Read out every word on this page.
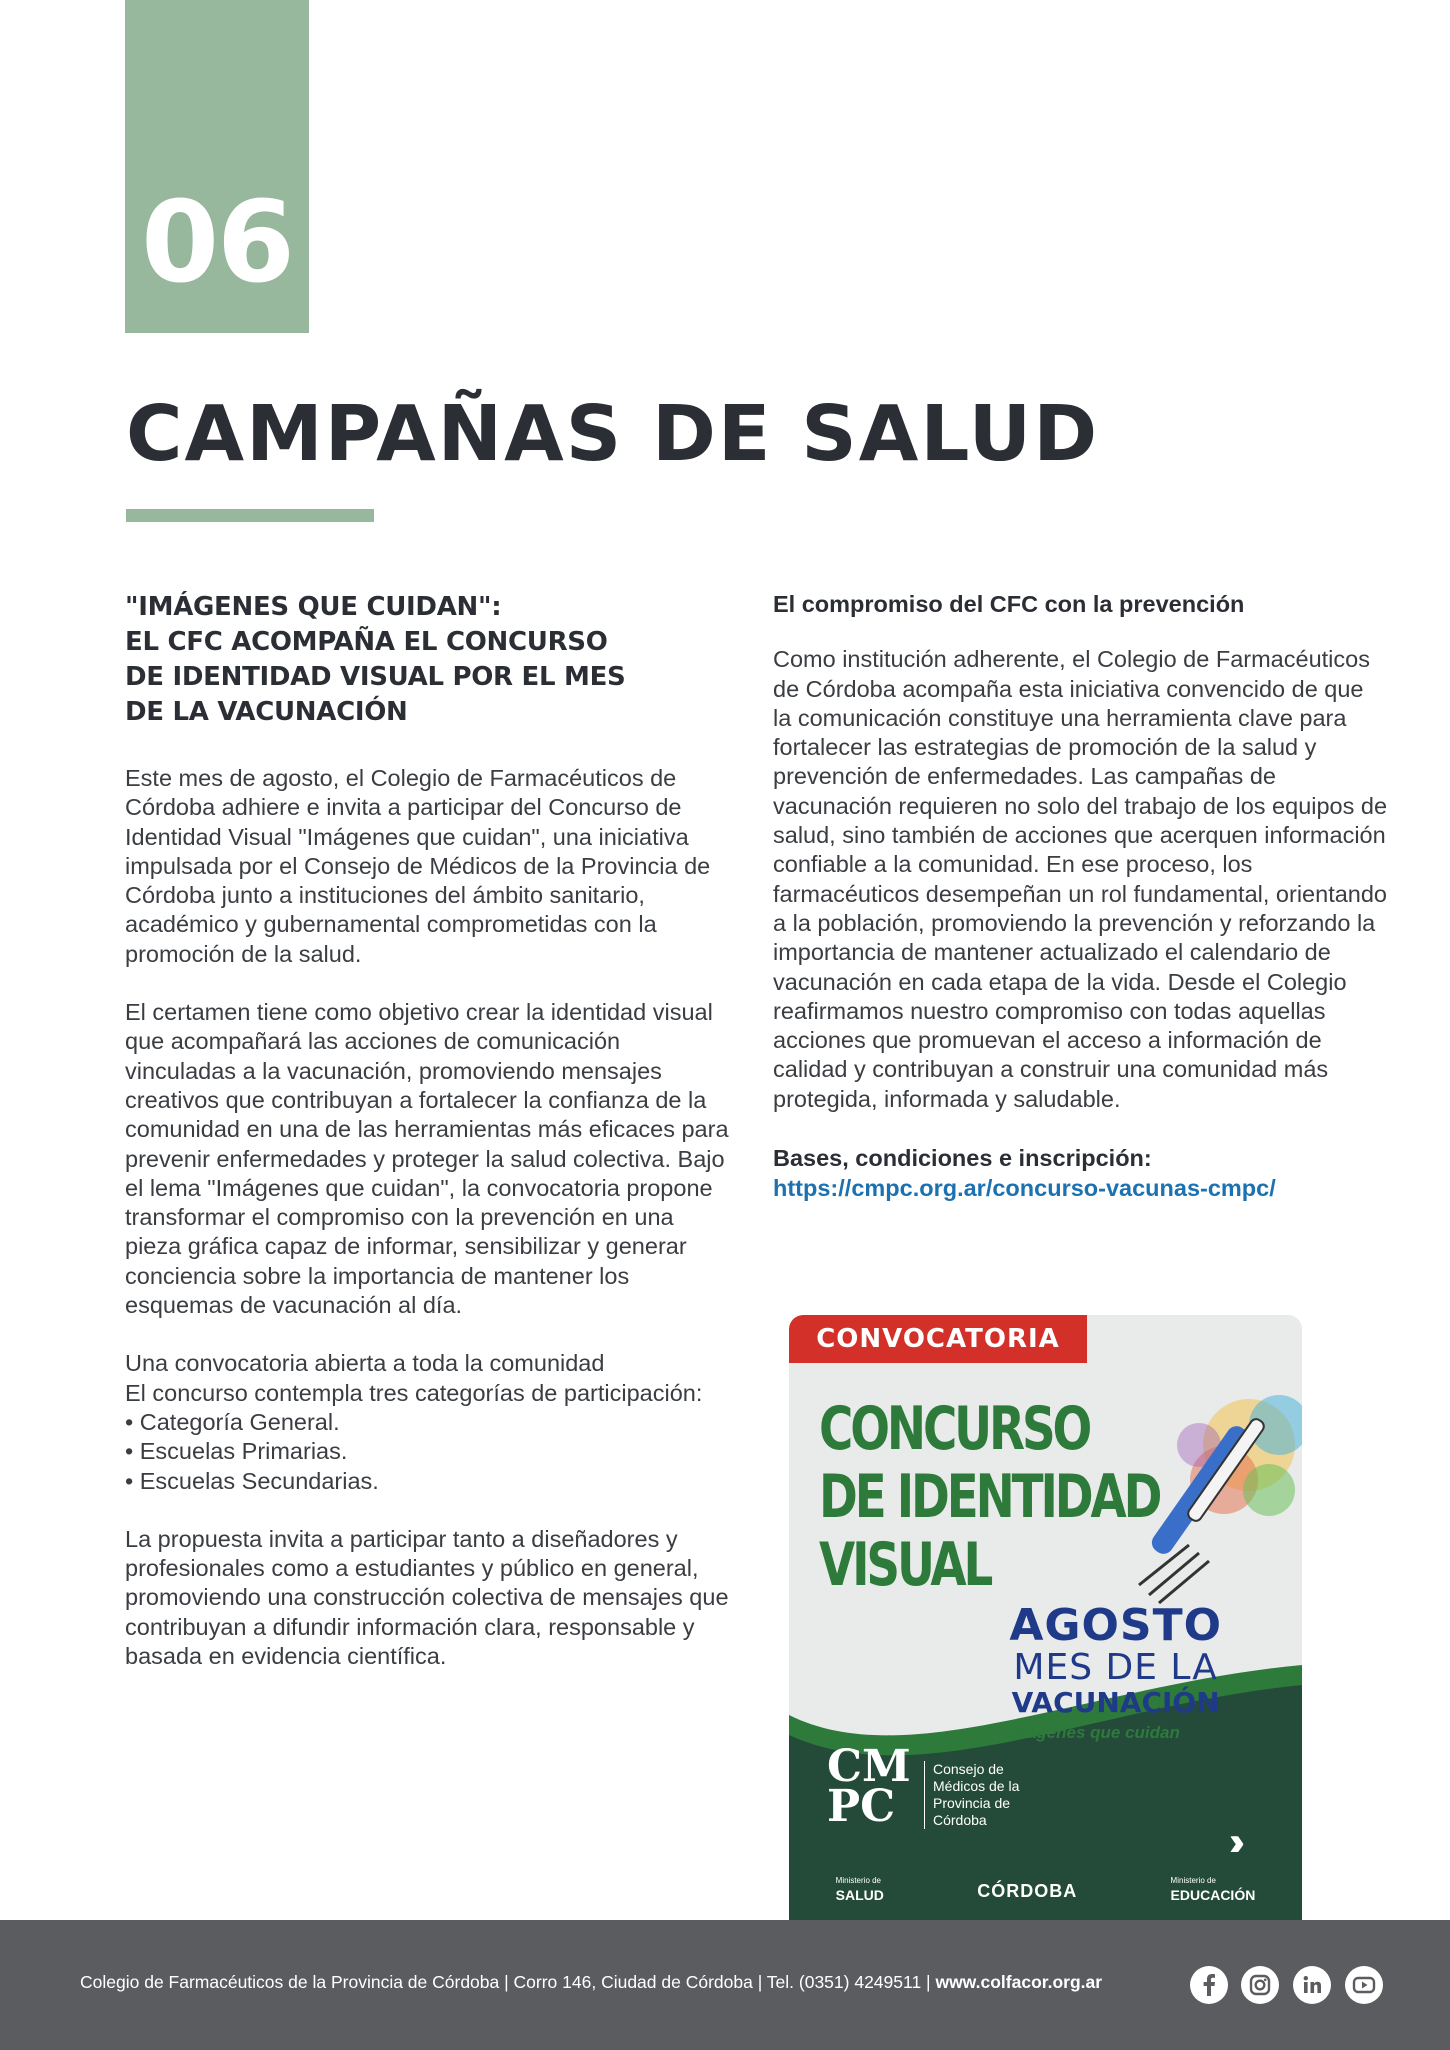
06
CAMPAÑAS DE SALUD
"IMÁGENES QUE CUIDAN":
EL CFC ACOMPAÑA EL CONCURSO
DE IDENTIDAD VISUAL POR EL MES
DE LA VACUNACIÓN

Este mes de agosto, el Colegio de Farmacéuticos de Córdoba adhiere e invita a participar del Concurso de Identidad Visual "Imágenes que cuidan", una iniciativa impulsada por el Consejo de Médicos de la Provincia de Córdoba junto a instituciones del ámbito sanitario, académico y gubernamental comprometidas con la promoción de la salud.

El certamen tiene como objetivo crear la identidad visual que acompañará las acciones de comunicación vinculadas a la vacunación, promoviendo mensajes creativos que contribuyan a fortalecer la confianza de la comunidad en una de las herramientas más eficaces para prevenir enfermedades y proteger la salud colectiva. Bajo el lema "Imágenes que cuidan", la convocatoria propone transformar el compromiso con la prevención en una pieza gráfica capaz de informar, sensibilizar y generar conciencia sobre la importancia de mantener los esquemas de vacunación al día.

Una convocatoria abierta a toda la comunidad
El concurso contempla tres categorías de participación:
• Categoría General.
• Escuelas Primarias.
• Escuelas Secundarias.

La propuesta invita a participar tanto a diseñadores y profesionales como a estudiantes y público en general, promoviendo una construcción colectiva de mensajes que contribuyan a difundir información clara, responsable y basada en evidencia científica.

El compromiso del CFC con la prevención

Como institución adherente, el Colegio de Farmacéuticos de Córdoba acompaña esta iniciativa convencido de que la comunicación constituye una herramienta clave para fortalecer las estrategias de promoción de la salud y prevención de enfermedades. Las campañas de vacunación requieren no solo del trabajo de los equipos de salud, sino también de acciones que acerquen información confiable a la comunidad. En ese proceso, los farmacéuticos desempeñan un rol fundamental, orientando a la población, promoviendo la prevención y reforzando la importancia de mantener actualizado el calendario de vacunación en cada etapa de la vida. Desde el Colegio reafirmamos nuestro compromiso con todas aquellas acciones que promuevan el acceso a información de calidad y contribuyan a construir una comunidad más protegida, informada y saludable.

Bases, condiciones e inscripción:
https://cmpc.org.ar/concurso-vacunas-cmpc/
CONVOCATORIA
CONCURSO
DE IDENTIDAD
VISUAL
AGOSTO
MES DE LA
VACUNACIÓN
Imágenes que cuidan
CM
PC
Consejo de
Médicos de la
Provincia de
Córdoba	›››
Ministerio de
SALUD	CÓRDOBA
Ministerio de
EDUCACIÓN
Colegio de Farmacéuticos de la Provincia de Córdoba | Corro 146, Ciudad de Córdoba | Tel. (0351) 4249511 | www.colfacor.org.ar
